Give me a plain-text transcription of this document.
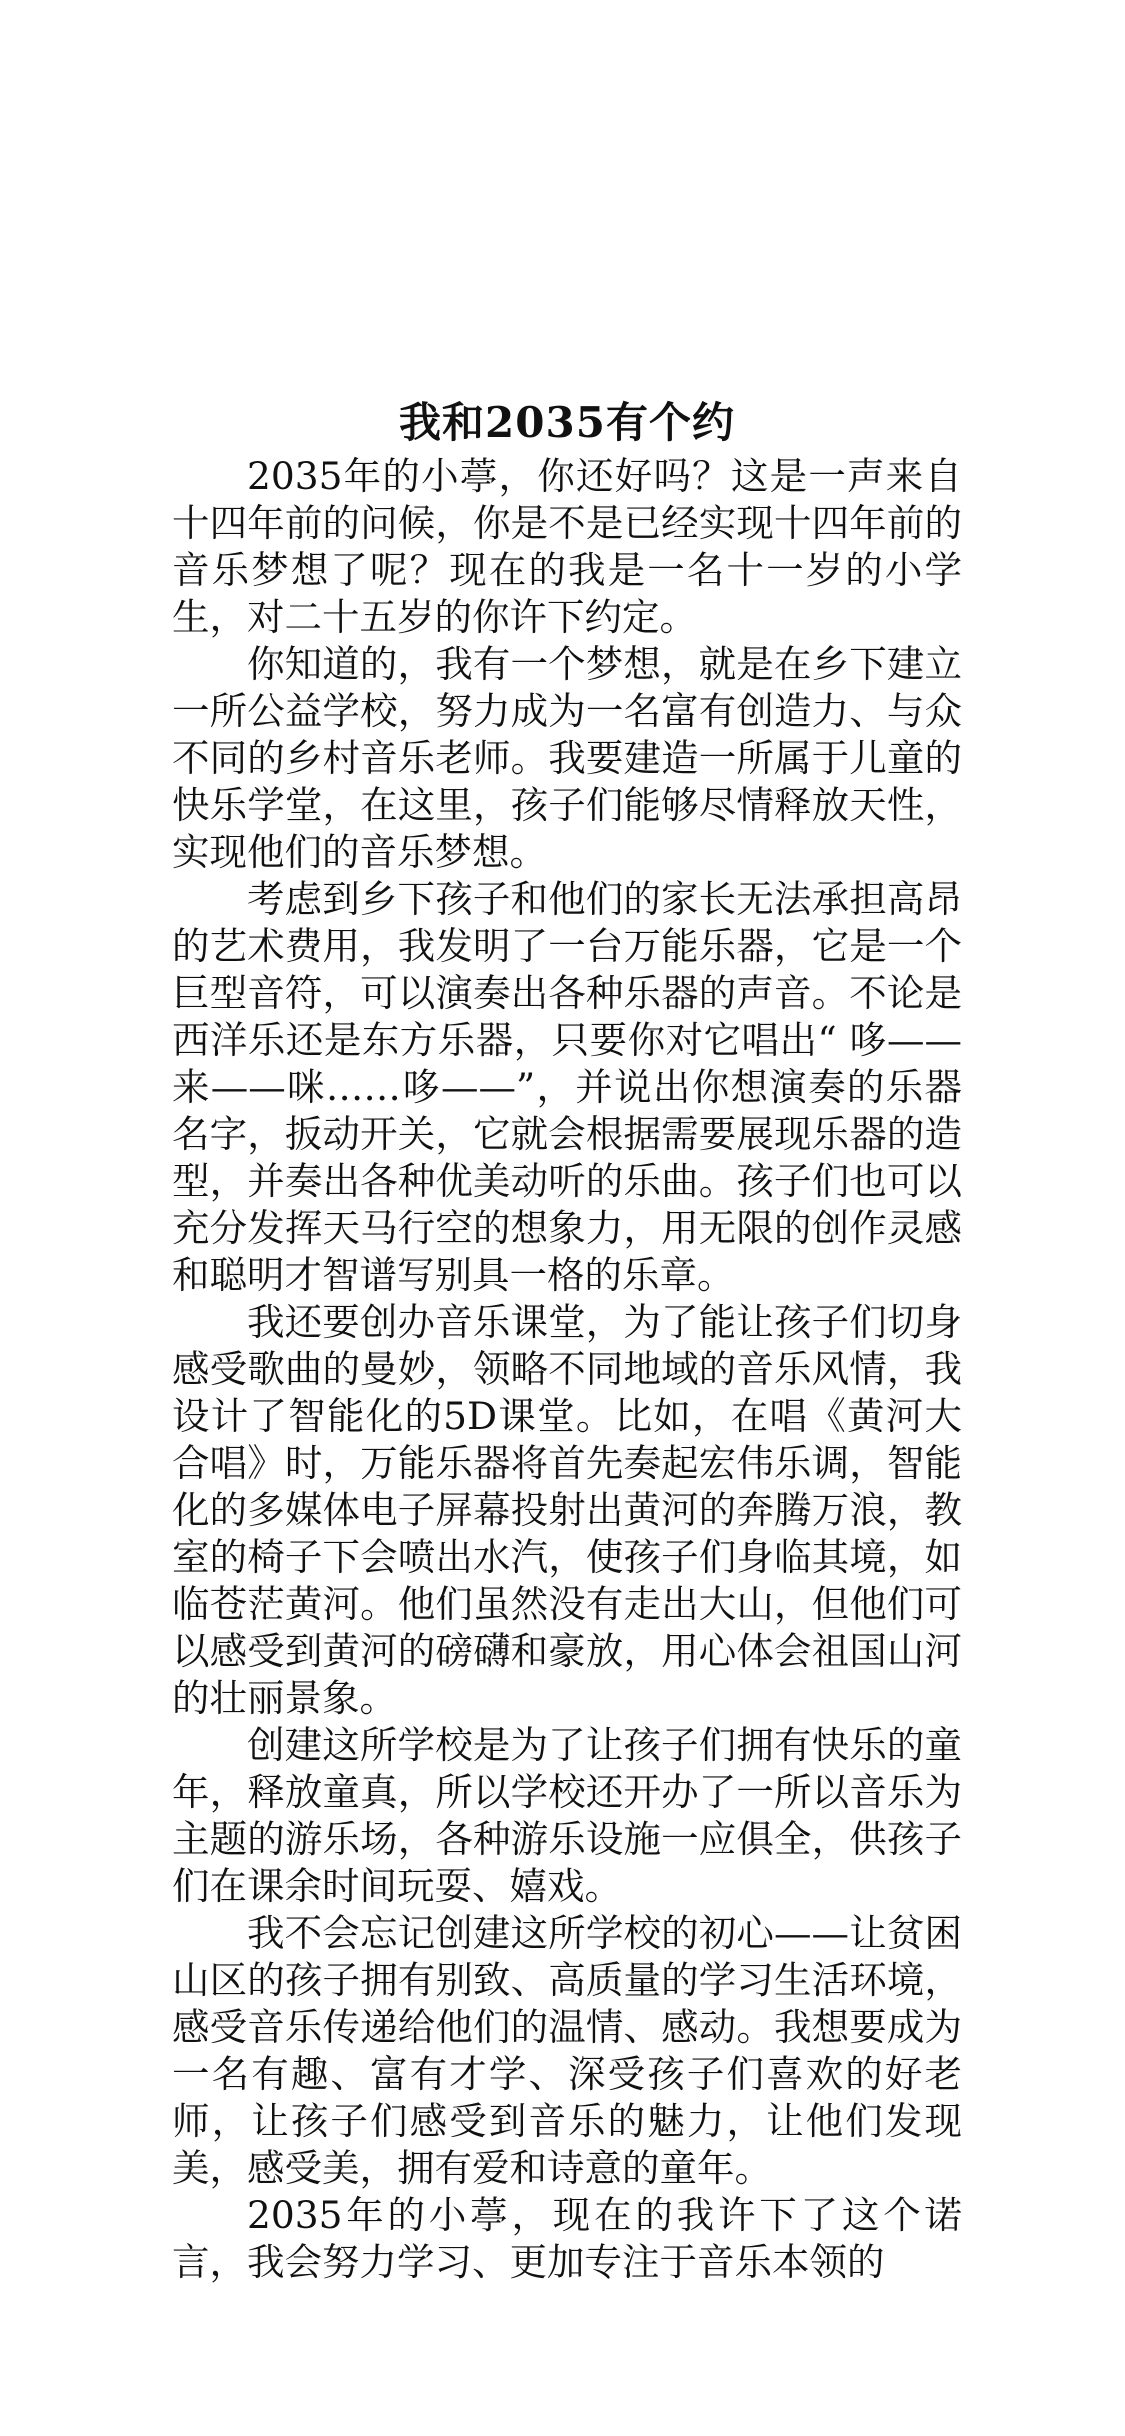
我和2035有个约

2035年的小葶，你还好吗？这是一声来自十四年前的问候，你是不是已经实现十四年前的音乐梦想了呢？现在的我是一名十一岁的小学生，对二十五岁的你许下约定。

你知道的，我有一个梦想，就是在乡下建立一所公益学校，努力成为一名富有创造力、与众不同的乡村音乐老师。我要建造一所属于儿童的快乐学堂，在这里，孩子们能够尽情释放天性，实现他们的音乐梦想。

考虑到乡下孩子和他们的家长无法承担高昂的艺术费用，我发明了一台万能乐器，它是一个巨型音符，可以演奏出各种乐器的声音。不论是西洋乐还是东方乐器，只要你对它唱出“ 哆——来——咪……哆——”，并说出你想演奏的乐器名字，扳动开关，它就会根据需要展现乐器的造型，并奏出各种优美动听的乐曲。孩子们也可以充分发挥天马行空的想象力，用无限的创作灵感和聪明才智谱写别具一格的乐章。

我还要创办音乐课堂，为了能让孩子们切身感受歌曲的曼妙，领略不同地域的音乐风情，我设计了智能化的5D课堂。比如，在唱《黄河大合唱》时，万能乐器将首先奏起宏伟乐调，智能化的多媒体电子屏幕投射出黄河的奔腾万浪，教室的椅子下会喷出水汽，使孩子们身临其境，如临苍茫黄河。他们虽然没有走出大山，但他们可以感受到黄河的磅礴和豪放，用心体会祖国山河的壮丽景象。

创建这所学校是为了让孩子们拥有快乐的童年，释放童真，所以学校还开办了一所以音乐为主题的游乐场，各种游乐设施一应俱全，供孩子们在课余时间玩耍、嬉戏。

我不会忘记创建这所学校的初心——让贫困山区的孩子拥有别致、高质量的学习生活环境，感受音乐传递给他们的温情、感动。我想要成为一名有趣、富有才学、深受孩子们喜欢的好老师，让孩子们感受到音乐的魅力，让他们发现美，感受美，拥有爱和诗意的童年。

2035年的小葶，现在的我许下了这个诺言，我会努力学习、更加专注于音乐本领的
